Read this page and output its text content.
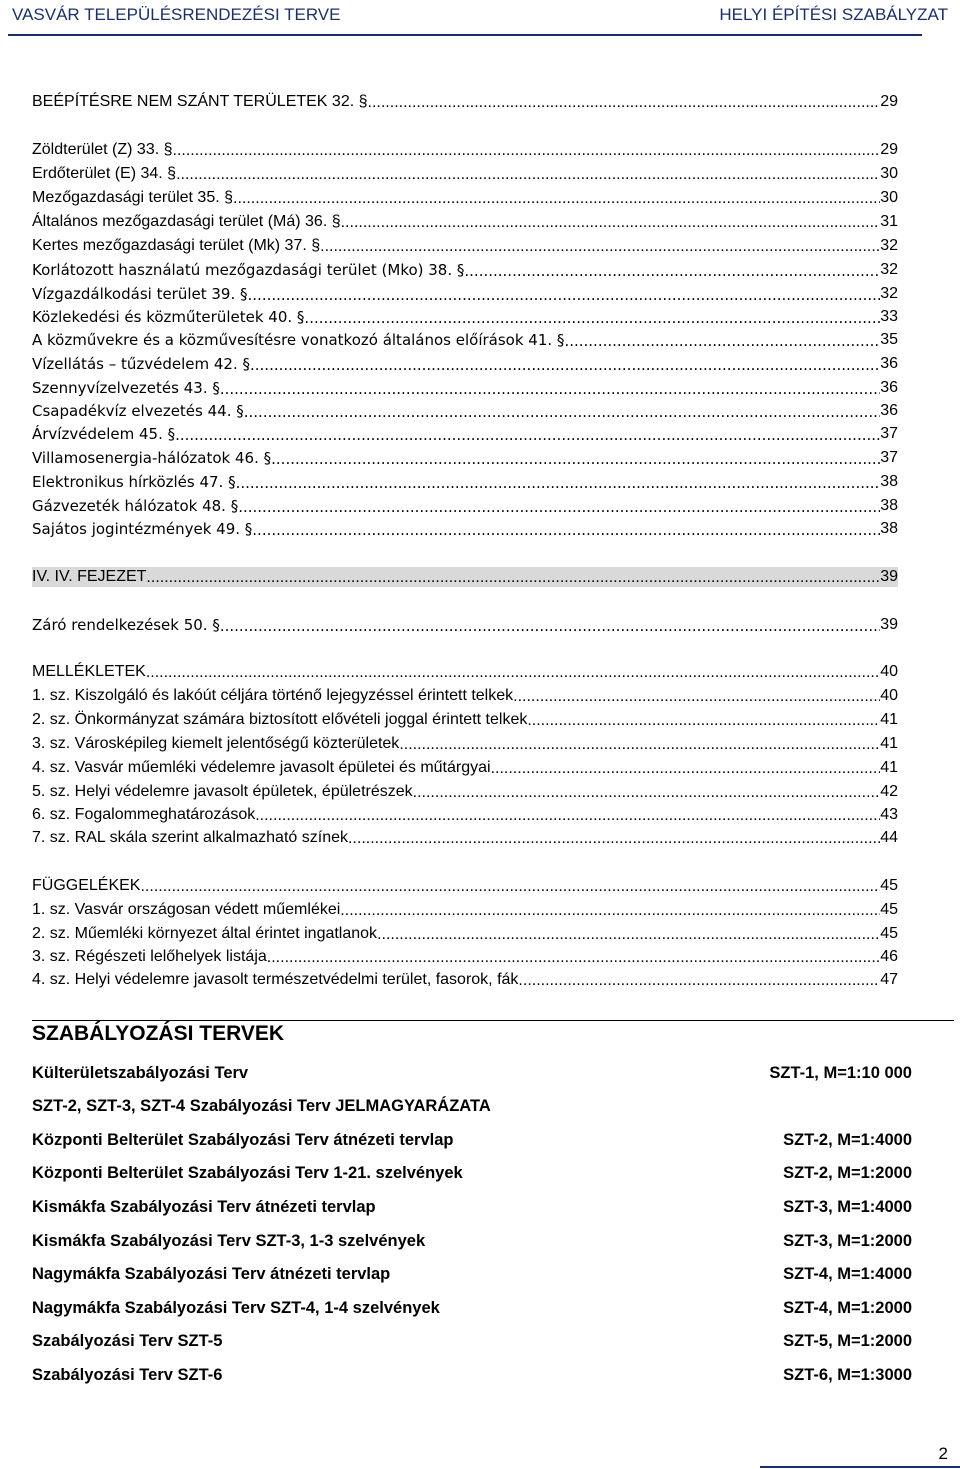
VASVÁR TELEPÜLÉSRENDEZÉSI TERVE	HELYI ÉPÍTÉSI SZABÁLYZAT
BEÉPÍTÉSRE NEM SZÁNT TERÜLETEK 32. § .....	29
Zöldterület (Z) 33. § .....	29
Erdőterület (E) 34. § .....	30
Mezőgazdasági terület 35. § .....	30
Általános mezőgazdasági terület (Má) 36. § .....	31
Kertes mezőgazdasági terület (Mk) 37. § .....	32
Korlátozott használatú mezőgazdasági terület (Mko) 38. § .....	32
Vízgazdálkodási terület 39. § .....	32
Közlekedési és közműterületek 40. § .....	33
A közművekre és a közművesítésre vonatkozó általános előírások 41. § .....	35
Vízellátás – tűzvédelem 42. § .....	36
Szennyvízelvezetés 43. § .....	36
Csapadékvíz elvezetés 44. § .....	36
Árvízvédelem 45. § .....	37
Villamosenergia-hálózatok 46. § .....	37
Elektronikus hírközlés 47. § .....	38
Gázvezeték hálózatok 48. § .....	38
Sajátos jogintézmények 49. § .....	38
IV. IV. FEJEZET .....	39
Záró rendelkezések 50. § .....	39
MELLÉKLETEK .....	40
1. sz. Kiszolgáló és lakóút céljára történő lejegyzéssel érintett telkek .....	40
2. sz. Önkormányzat számára biztosított elővételi joggal érintett telkek .....	41
3. sz. Városképileg kiemelt jelentőségű közterületek .....	41
4. sz. Vasvár műemléki védelemre javasolt épületei és műtárgyai .....	41
5. sz. Helyi védelemre javasolt épületek, épületrészek .....	42
6. sz. Fogalommeghatározások .....	43
7. sz. RAL skála szerint alkalmazható színek .....	44
FÜGGELÉKEK .....	45
1. sz. Vasvár országosan védett műemlékei .....	45
2. sz. Műemléki környezet által érintet ingatlanok .....	45
3. sz. Régészeti lelőhelyek listája .....	46
4. sz. Helyi védelemre javasolt természetvédelmi terület, fasorok, fák .....	47
SZABÁLYOZÁSI TERVEK
Külterületszabályozási Terv	SZT-1, M=1:10 000
SZT-2, SZT-3, SZT-4 Szabályozási Terv JELMAGYARÁZATA
Központi Belterület Szabályozási Terv átnézeti tervlap	SZT-2, M=1:4000
Központi Belterület Szabályozási Terv 1-21. szelvények	SZT-2, M=1:2000
Kismákfa Szabályozási Terv átnézeti tervlap	SZT-3, M=1:4000
Kismákfa Szabályozási Terv SZT-3, 1-3 szelvények	SZT-3, M=1:2000
Nagymákfa Szabályozási Terv átnézeti tervlap	SZT-4, M=1:4000
Nagymákfa Szabályozási Terv SZT-4, 1-4 szelvények	SZT-4, M=1:2000
Szabályozási Terv SZT-5	SZT-5, M=1:2000
Szabályozási Terv SZT-6	SZT-6, M=1:3000
2
